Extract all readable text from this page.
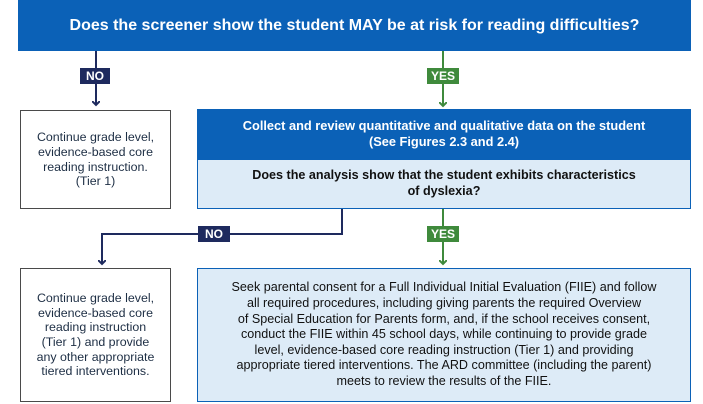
Does the screener show the student MAY be at risk for reading difficulties?
NO	YES
Continue grade level,
evidence-based core
reading instruction.
(Tier 1)
Collect and review quantitative and qualitative data on the student
(See Figures 2.3 and 2.4)
Does the analysis show that the student exhibits characteristics
of dyslexia?
NO	YES
Continue grade level,
evidence-based core
reading instruction
(Tier 1) and provide
any other appropriate
tiered interventions.
Seek parental consent for a Full Individual Initial Evaluation (FIIE) and follow
all required procedures, including giving parents the required Overview
of Special Education for Parents form, and, if the school receives consent,
conduct the FIIE within 45 school days, while continuing to provide grade
level, evidence-based core reading instruction (Tier 1) and providing
appropriate tiered interventions. The ARD committee (including the parent)
meets to review the results of the FIIE.
